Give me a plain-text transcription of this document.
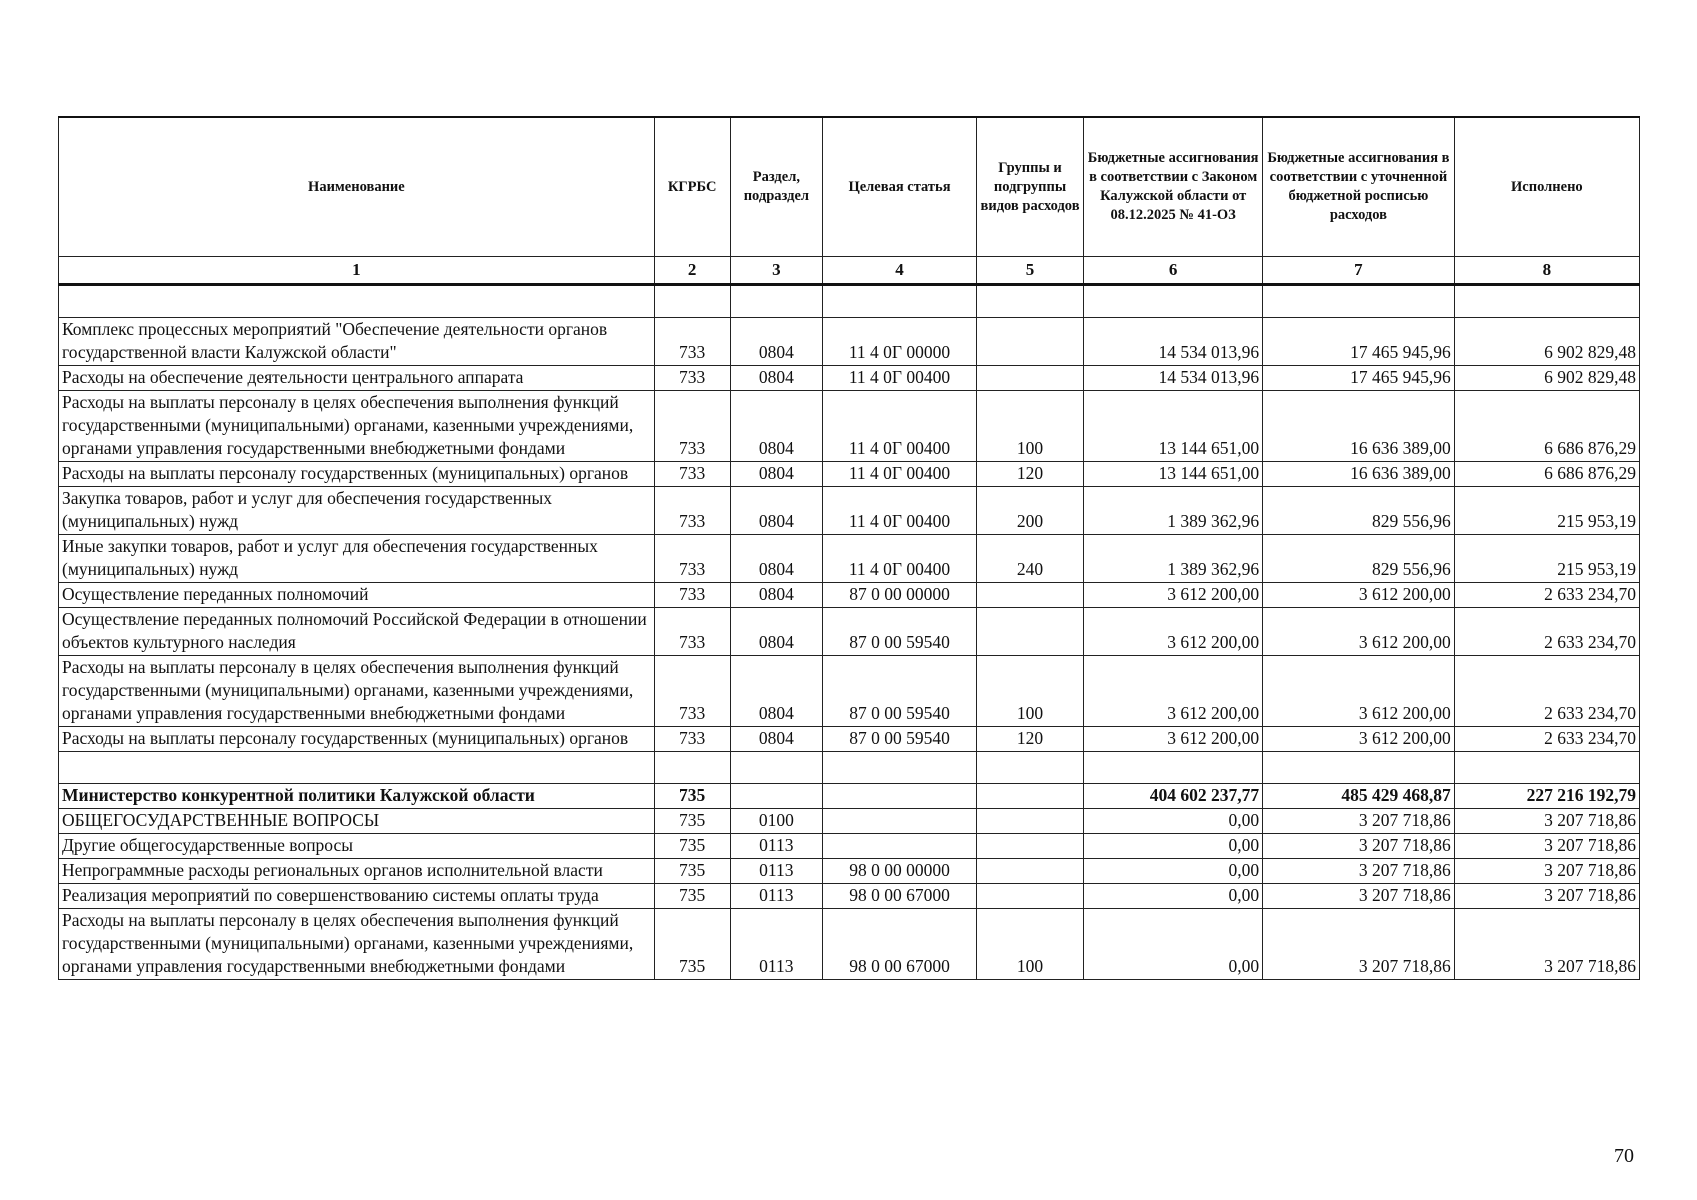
Наименование	КГРБС	Раздел, подраздел	Целевая статья	Группы и подгруппы видов расходов	Бюджетные ассигнования в соответствии с Законом Калужской области от 08.12.2025 № 41-ОЗ	Бюджетные ассигнования в соответствии с уточненной бюджетной росписью расходов	Исполнено
1	2	3	4	5	6	7	8

Комплекс процессных мероприятий "Обеспечение деятельности органов государственной власти Калужской области"	733	0804	11 4 0Г 00000		14 534 013,96	17 465 945,96	6 902 829,48
Расходы на обеспечение деятельности центрального аппарата	733	0804	11 4 0Г 00400		14 534 013,96	17 465 945,96	6 902 829,48
Расходы на выплаты персоналу в целях обеспечения выполнения функций государственными (муниципальными) органами, казенными учреждениями, органами управления государственными внебюджетными фондами	733	0804	11 4 0Г 00400	100	13 144 651,00	16 636 389,00	6 686 876,29
Расходы на выплаты персоналу государственных (муниципальных) органов	733	0804	11 4 0Г 00400	120	13 144 651,00	16 636 389,00	6 686 876,29
Закупка товаров, работ и услуг для обеспечения государственных (муниципальных) нужд	733	0804	11 4 0Г 00400	200	1 389 362,96	829 556,96	215 953,19
Иные закупки товаров, работ и услуг для обеспечения государственных (муниципальных) нужд	733	0804	11 4 0Г 00400	240	1 389 362,96	829 556,96	215 953,19
Осуществление переданных полномочий	733	0804	87 0 00 00000		3 612 200,00	3 612 200,00	2 633 234,70
Осуществление переданных полномочий Российской Федерации в отношении объектов культурного наследия	733	0804	87 0 00 59540		3 612 200,00	3 612 200,00	2 633 234,70
Расходы на выплаты персоналу в целях обеспечения выполнения функций государственными (муниципальными) органами, казенными учреждениями, органами управления государственными внебюджетными фондами	733	0804	87 0 00 59540	100	3 612 200,00	3 612 200,00	2 633 234,70
Расходы на выплаты персоналу государственных (муниципальных) органов	733	0804	87 0 00 59540	120	3 612 200,00	3 612 200,00	2 633 234,70

Министерство конкурентной политики Калужской области	735				404 602 237,77	485 429 468,87	227 216 192,79
ОБЩЕГОСУДАРСТВЕННЫЕ ВОПРОСЫ	735	0100			0,00	3 207 718,86	3 207 718,86
Другие общегосударственные вопросы	735	0113			0,00	3 207 718,86	3 207 718,86
Непрограммные расходы региональных органов исполнительной власти	735	0113	98 0 00 00000		0,00	3 207 718,86	3 207 718,86
Реализация мероприятий по совершенствованию системы оплаты труда	735	0113	98 0 00 67000		0,00	3 207 718,86	3 207 718,86
Расходы на выплаты персоналу в целях обеспечения выполнения функций государственными (муниципальными) органами, казенными учреждениями, органами управления государственными внебюджетными фондами	735	0113	98 0 00 67000	100	0,00	3 207 718,86	3 207 718,86
70
